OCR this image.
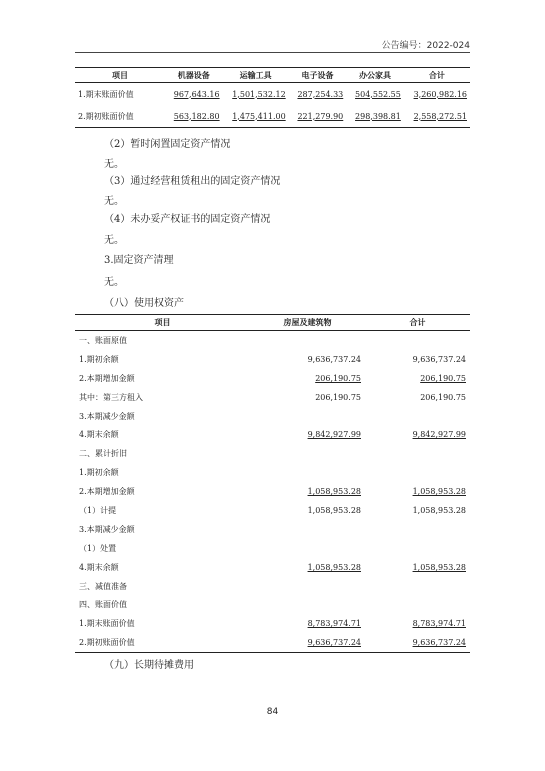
公告编号：2022-024
项目	机器设备	运输工具	电子设备	办公家具	合计
1.期末账面价值	967,643.16	1,501,532.12	287,254.33	504,552.55	3,260,982.16
2.期初账面价值	563,182.80	1,475,411.00	221,279.90	298,398.81	2,558,272.51
（2）暂时闲置固定资产情况
无。
（3）通过经营租赁租出的固定资产情况
无。
（4）未办妥产权证书的固定资产情况
无。
3.固定资产清理
无。
（八）使用权资产
项目	房屋及建筑物	合计
一、账面原值		
1.期初余额	9,636,737.24	9,636,737.24
2.本期增加金额	206,190.75	206,190.75
其中：第三方租入	206,190.75	206,190.75
3.本期减少金额		
4.期末余额	9,842,927.99	9,842,927.99
二、累计折旧		
1.期初余额		
2.本期增加金额	1,058,953.28	1,058,953.28
（1）计提	1,058,953.28	1,058,953.28
3.本期减少金额		
（1）处置		
4.期末余额	1,058,953.28	1,058,953.28
三、减值准备		
四、账面价值		
1.期末账面价值	8,783,974.71	8,783,974.71
2.期初账面价值	9,636,737.24	9,636,737.24
（九）长期待摊费用
84
